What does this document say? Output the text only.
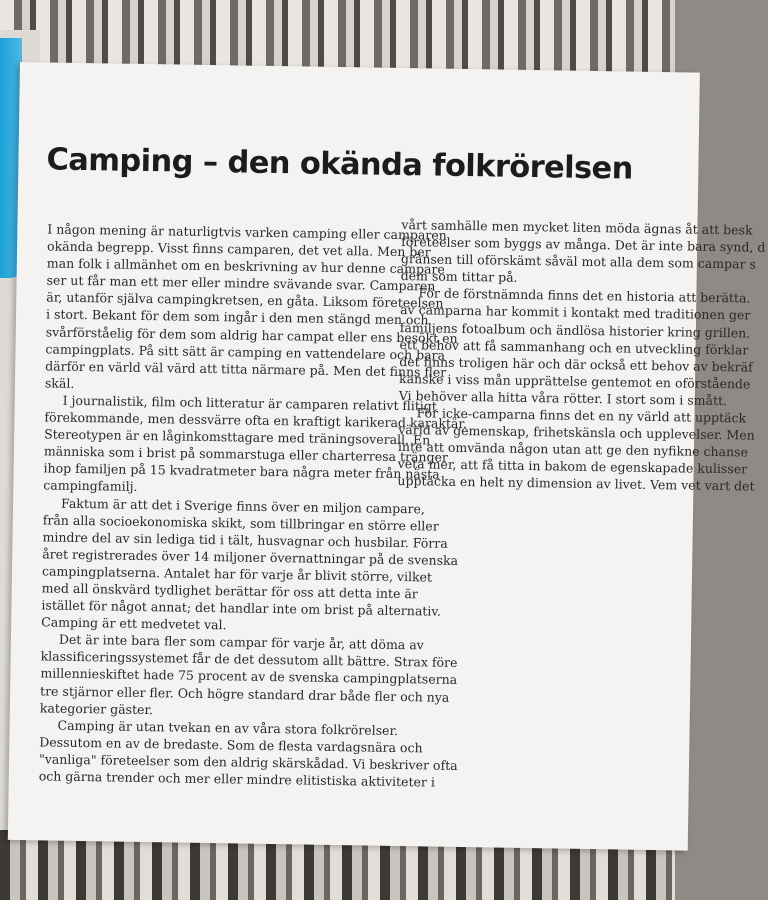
Camping – den okända folkrörelsen

I någon mening är naturligtvis varken camping eller camparen
okända begrepp. Visst finns camparen, det vet alla. Men ber
man folk i allmänhet om en beskrivning av hur denne campare
ser ut får man ett mer eller mindre svävande svar. Camparen
är, utanför själva campingkretsen, en gåta. Liksom företeelsen
i stort. Bekant för dem som ingår i den men stängd men och
svårförståelig för dem som aldrig har campat eller ens besökt en
campingplats. På sitt sätt är camping en vattendelare och bara
därför en värld väl värd att titta närmare på. Men det finns fler
skäl.

I journalistik, film och litteratur är camparen relativt flitigt
förekommande, men dessvärre ofta en kraftigt karikerad karaktär.
Stereotypen är en låginkomsttagare med träningsoverall. En
människa som i brist på sommarstuga eller charterresa tränger
ihop familjen på 15 kvadratmeter bara några meter från nästa
campingfamilj.

Faktum är att det i Sverige finns över en miljon campare,
från alla socioekonomiska skikt, som tillbringar en större eller
mindre del av sin lediga tid i tält, husvagnar och husbilar. Förra
året registrerades över 14 miljoner övernattningar på de svenska
campingplatserna. Antalet har för varje år blivit större, vilket
med all önskvärd tydlighet berättar för oss att detta inte är
istället för något annat; det handlar inte om brist på alternativ.
Camping är ett medvetet val.

Det är inte bara fler som campar för varje år, att döma av
klassificeringssystemet får de det dessutom allt bättre. Strax före
millennieskiftet hade 75 procent av de svenska campingplatserna
tre stjärnor eller fler. Och högre standard drar både fler och nya
kategorier gäster.

Camping är utan tvekan en av våra stora folkrörelser.
Dessutom en av de bredaste. Som de flesta vardagsnära och
"vanliga" företeelser som den aldrig skärskådad. Vi beskriver ofta
och gärna trender och mer eller mindre elitistiska aktiviteter i

vårt samhälle men mycket liten möda ägnas åt att besk
företeelser som byggs av många. Det är inte bara synd, d
gränsen till oförskämt såväl mot alla dem som campar s
dem som tittar på.

För de förstnämnda finns det en historia att berätta.
av camparna har kommit i kontakt med traditionen ger
familjens fotoalbum och ändlösa historier kring grillen.
ett behov att få sammanhang och en utveckling förklar
det finns troligen här och där också ett behov av bekräf
kanske i viss mån upprättelse gentemot en oförstående
Vi behöver alla hitta våra rötter. I stort som i smått.

För icke-camparna finns det en ny värld att upptäck
värld av gemenskap, frihetskänsla och upplevelser. Men
inte att omvända någon utan att ge den nyfikne chanse
veta mer, att få titta in bakom de egenskapade kulisser
upptäcka en helt ny dimension av livet. Vem vet vart det
